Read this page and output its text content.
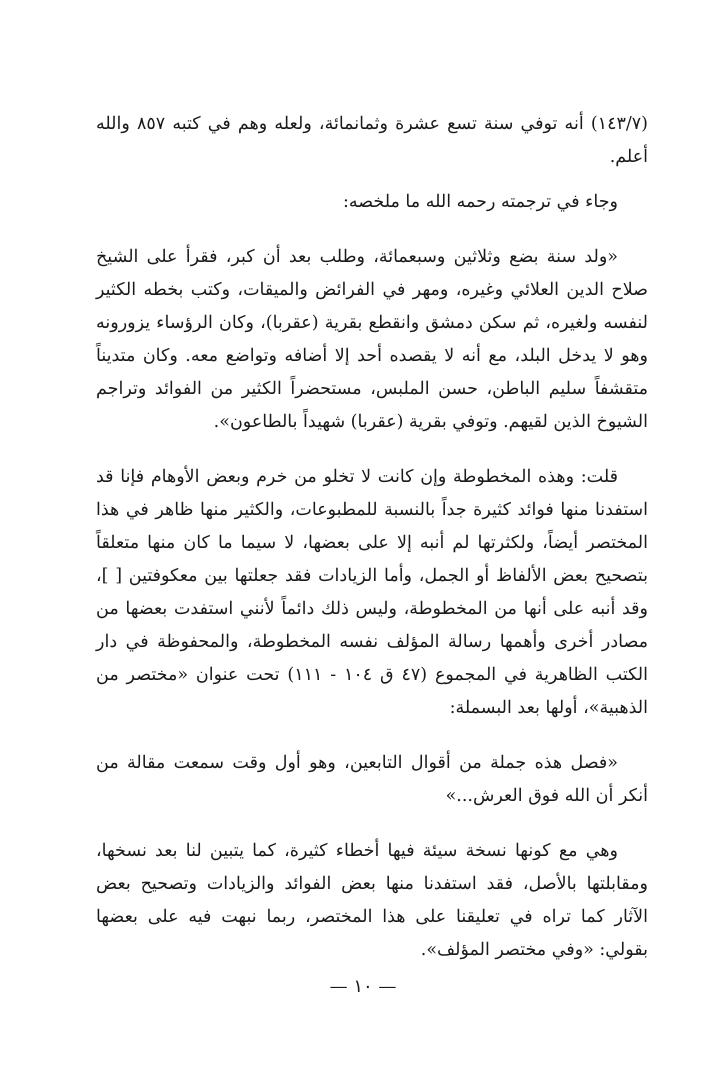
(١٤٣/٧) أنه توفي سنة تسع عشرة وثمانمائة، ولعله وهم في كتبه ٨٥٧ والله أعلم.

وجاء في ترجمته رحمه الله ما ملخصه:

«ولد سنة بضع وثلاثين وسبعمائة، وطلب بعد أن كبر، فقرأ على الشيخ صلاح الدين العلائي وغيره، ومهر في الفرائض والميقات، وكتب بخطه الكثير لنفسه ولغيره، ثم سكن دمشق وانقطع بقرية (عقربا)، وكان الرؤساء يزورونه وهو لا يدخل البلد، مع أنه لا يقصده أحد إلا أضافه وتواضع معه. وكان متديناً متقشفاً سليم الباطن، حسن الملبس، مستحضراً الكثير من الفوائد وتراجم الشيوخ الذين لقيهم. وتوفي بقرية (عقربا) شهيداً بالطاعون».

قلت: وهذه المخطوطة وإن كانت لا تخلو من خرم وبعض الأوهام فإنا قد استفدنا منها فوائد كثيرة جداً بالنسبة للمطبوعات، والكثير منها ظاهر في هذا المختصر أيضاً، ولكثرتها لم أنبه إلا على بعضها، لا سيما ما كان منها متعلقاً بتصحيح بعض الألفاظ أو الجمل، وأما الزيادات فقد جعلتها بين معكوفتين [ ]، وقد أنبه على أنها من المخطوطة، وليس ذلك دائماً لأنني استفدت بعضها من مصادر أخرى وأهمها رسالة المؤلف نفسه المخطوطة، والمحفوظة في دار الكتب الظاهرية في المجموع (٤٧ ق ١٠٤ - ١١١) تحت عنوان «مختصر من الذهبية»، أولها بعد البسملة:

«فصل هذه جملة من أقوال التابعين، وهو أول وقت سمعت مقالة من أنكر أن الله فوق العرش...»

وهي مع كونها نسخة سيئة فيها أخطاء كثيرة، كما يتبين لنا بعد نسخها، ومقابلتها بالأصل، فقد استفدنا منها بعض الفوائد والزيادات وتصحيح بعض الآثار كما تراه في تعليقنا على هذا المختصر، ربما نبهت فيه على بعضها بقولي: «وفي مختصر المؤلف».

— ١٠ —
